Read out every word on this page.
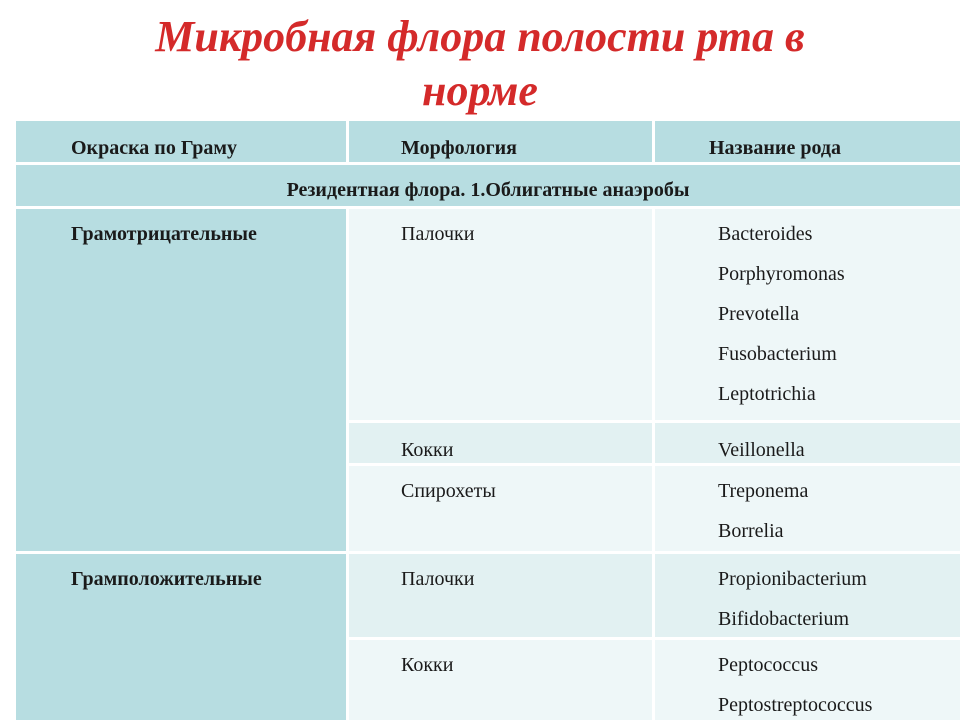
Микробная флора полости рта в
норме
Окраска по Граму	Морфология	Название рода
Резидентная флора. 1.Облигатные анаэробы
Грамотрицательные	Палочки	Bacteroides
Porphyromonas
Prevotella
Fusobacterium
Leptotrichia
Кокки	Veillonella
Спирохеты	Treponema
Borrelia
Грамположительные	Палочки	Propionibacterium
Bifidobacterium
Кокки	Peptococcus
Peptostreptococcus
